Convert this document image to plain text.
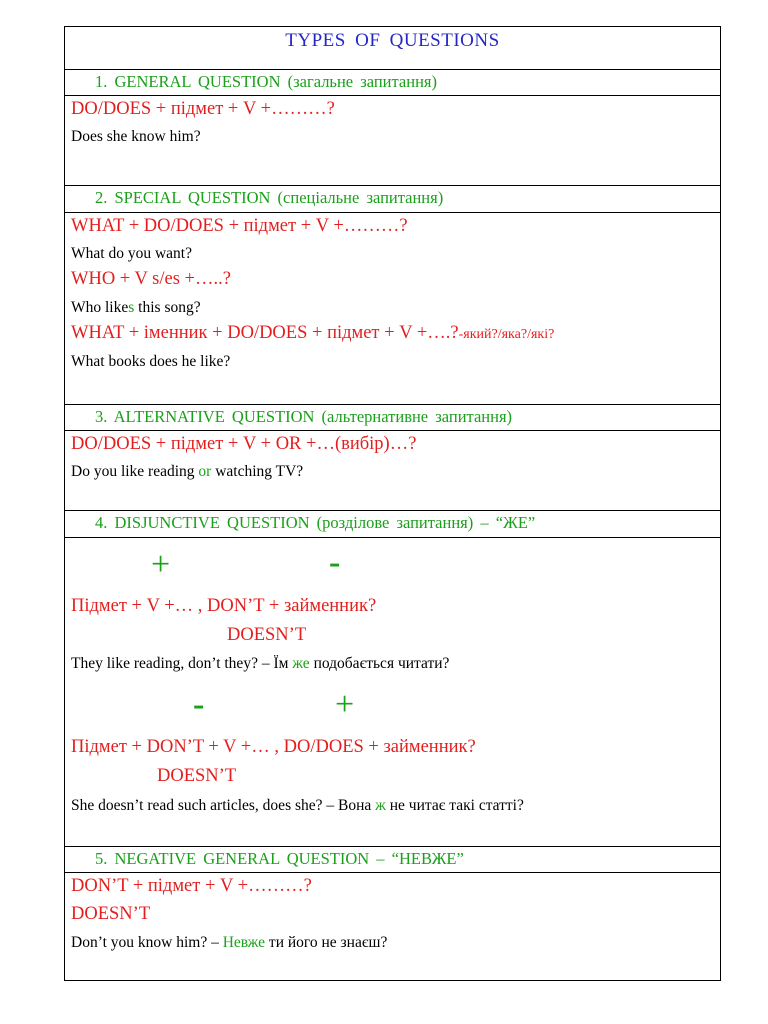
TYPES OF QUESTIONS
1. GENERAL QUESTION (загальне запитання)
DO/DOES + підмет + V +………?
Does she know him?
2. SPECIAL QUESTION (спеціальне запитання)
WHAT + DO/DOES + підмет + V +………?
What do you want?
WHO + V s/es +…..?
Who likes this song?
WHAT + іменник + DO/DOES + підмет + V +….?-який?/яка?/які?
What books does he like?
3. ALTERNATIVE QUESTION (альтернативне запитання)
DO/DOES + підмет + V + OR +…(вибір)…?
Do you like reading or watching TV?
4. DISJUNCTIVE QUESTION (розділове запитання) – “ЖЕ”
+	-
Підмет + V +… , DON’T + займенник?
DOESN’T
They like reading, don’t they? – Їм же подобається читати?
-	+
Підмет + DON’T + V +… , DO/DOES + займенник?
DOESN’T
She doesn’t read such articles, does she? – Вона ж не читає такі статті?
5. NEGATIVE GENERAL QUESTION – “НЕВЖЕ”
DON’T + підмет + V +………?
DOESN’T
Don’t you know him? – Невже ти його не знаєш?
